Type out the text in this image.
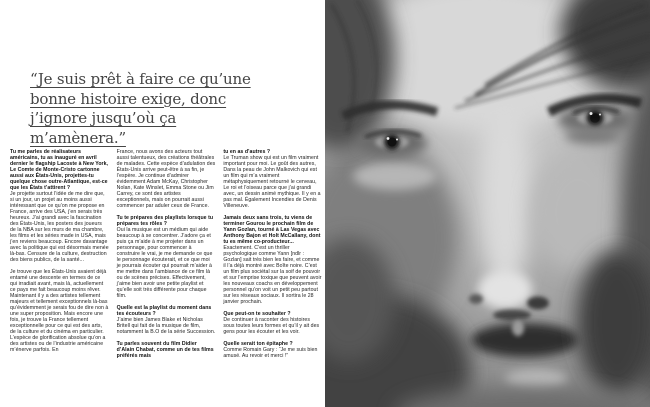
“Je suis prêt à faire ce qu’une
bonne histoire exige, donc
j’ignore jusqu’où ça m’amènera.”

Tu me parles de réalisateurs américains, tu as inauguré en avril dernier le flagship Lacoste à New York, Le Comte de Monte-Cristo cartonne aussi aux États-Unis, projettes-tu quelque chose outre-Atlantique, est-ce que les États t’attirent ?

Je projette surtout l’idée de me dire que, si un jour, un projet au moins aussi intéressant que ce qu’on me propose en France, arrive des USA, j’en serais très heureux. J’ai grandi avec la fascination des États-Unis, les posters des joueurs de la NBA sur les murs de ma chambre, les films et les séries made in USA, mais j’en reviens beaucoup. Encore davantage avec la politique qui est désormais menée là-bas. Censure de la culture, destruction des biens publics, de la santé...

Je trouve que les États-Unis avaient déjà entamé une descente en termes de ce qui irradiait avant, mais là, actuellement ce pays me fait beaucoup moins rêver. Maintenant il y a des artistes tellement majeurs et tellement exceptionnels là-bas qu’évidemment je serais fou de dire non à une super proposition. Mais encore une fois, je trouve la France tellement exceptionnelle pour ce qui est des arts, de la culture et du cinéma en particulier. L’espèce de glorification absolue qu’on a des artistes ou de l’industrie américaine m’énerve parfois. En

France, nous avons des acteurs tout aussi talentueux, des créations théâtrales de malades. Cette espèce d’adulation des États-Unis arrive peut-être à sa fin, je l’espère. Je continue d’admirer évidemment Adam McKay, Christopher Nolan, Kate Winslet, Emma Stone ou Jim Carrey, ce sont des artistes exceptionnels, mais on pourrait aussi commencer par aduler ceux de France.

Tu te prépares des playlists lorsque tu prépares tes rôles ?

Oui la musique est un médium qui aide beaucoup à se concentrer. J’adore ça et puis ça m’aide à me projeter dans un personnage, pour commencer à construire le vrai, je me demande ce que le personnage écouterait, et ce que moi je pourrais écouter qui pourrait m’aider à me mettre dans l’ambiance de ce film là ou de scènes précises. Effectivement, j’aime bien avoir une petite playlist et qu’elle soit très différente pour chaque film.

Quelle est la playlist du moment dans tes écouteurs ?

J’aime bien James Blake et Nicholas Britell qui fait de la musique de film, notamment la B.O de la série Succession.

Tu parles souvent du film Didier d’Alain Chabat, comme un de tes films préférés mais

tu en as d’autres ?

Le Truman show qui est un film vraiment important pour moi. Le goût des autres, Dans la peau de John Malkovich qui est un film qui m’a vraiment métaphysiquement retourné le cerveau, Le roi et l’oiseau parce que j’ai grandi avec, un dessin animé mythique. Il y en a pas mal. Également Incendies de Denis Villeneuve.

Jamais deux sans trois, tu viens de terminer Gourou le prochain film de Yann Gozlan, tourné à Las Vegas avec Anthony Bajon et Holt McCallany, dont tu es même co-producteur...

Exactement. C’est un thriller psychologique comme Yann [ndlr : Gozlan] sait très bien les faire, et comme il l’a déjà montré avec Boîte noire. C’est un film plus sociétal sur la soif de pouvoir et sur l’emprise toxique que peuvent avoir les nouveaux coachs en développement personnel qu’on voit un petit peu partout sur les réseaux sociaux. Il sortira le 28 janvier prochain.

Que peut-on te souhaiter ?

De continuer à raconter des histoires sous toutes leurs formes et qu’il y ait des gens pour les écouter et les voir.

Quelle serait ton épitaphe ?

Comme Romain Gary : “Je me suis bien amusé. Au revoir et merci !”
